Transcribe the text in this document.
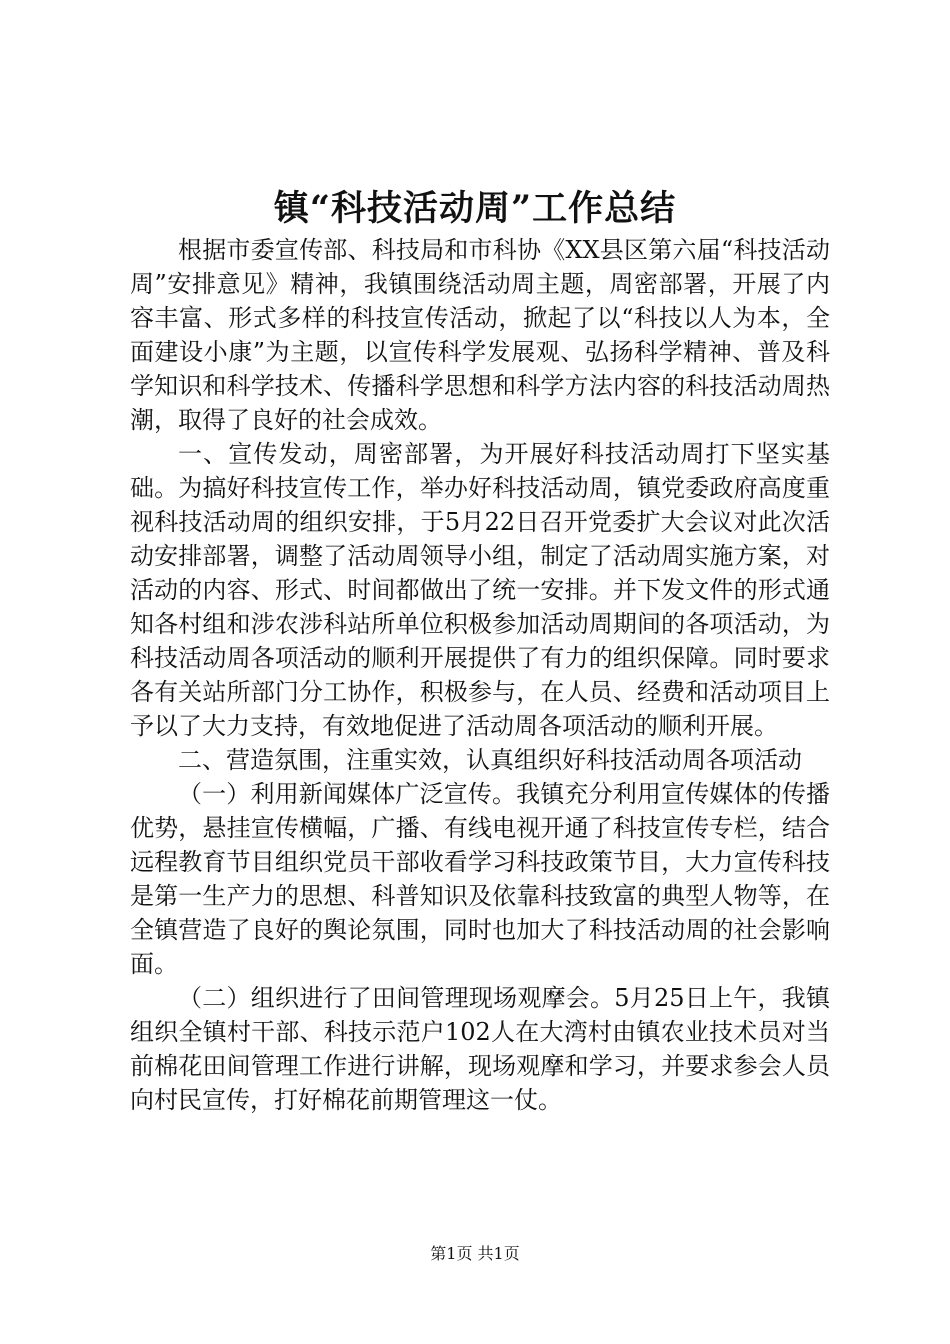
镇“科技活动周”工作总结

根据市委宣传部、科技局和市科协《XX县区第六届“科技活动周”安排意见》精神，我镇围绕活动周主题，周密部署，开展了内容丰富、形式多样的科技宣传活动，掀起了以“科技以人为本，全面建设小康”为主题，以宣传科学发展观、弘扬科学精神、普及科学知识和科学技术、传播科学思想和科学方法内容的科技活动周热潮，取得了良好的社会成效。

一、宣传发动，周密部署，为开展好科技活动周打下坚实基础。为搞好科技宣传工作，举办好科技活动周，镇党委政府高度重视科技活动周的组织安排，于5月22日召开党委扩大会议对此次活动安排部署，调整了活动周领导小组，制定了活动周实施方案，对活动的内容、形式、时间都做出了统一安排。并下发文件的形式通知各村组和涉农涉科站所单位积极参加活动周期间的各项活动，为科技活动周各项活动的顺利开展提供了有力的组织保障。同时要求各有关站所部门分工协作，积极参与，在人员、经费和活动项目上予以了大力支持，有效地促进了活动周各项活动的顺利开展。

二、营造氛围，注重实效，认真组织好科技活动周各项活动

（一）利用新闻媒体广泛宣传。我镇充分利用宣传媒体的传播优势，悬挂宣传横幅，广播、有线电视开通了科技宣传专栏，结合远程教育节目组织党员干部收看学习科技政策节目，大力宣传科技是第一生产力的思想、科普知识及依靠科技致富的典型人物等，在全镇营造了良好的舆论氛围，同时也加大了科技活动周的社会影响面。

（二）组织进行了田间管理现场观摩会。5月25日上午，我镇组织全镇村干部、科技示范户102人在大湾村由镇农业技术员对当前棉花田间管理工作进行讲解，现场观摩和学习，并要求参会人员向村民宣传，打好棉花前期管理这一仗。

第1页 共1页
